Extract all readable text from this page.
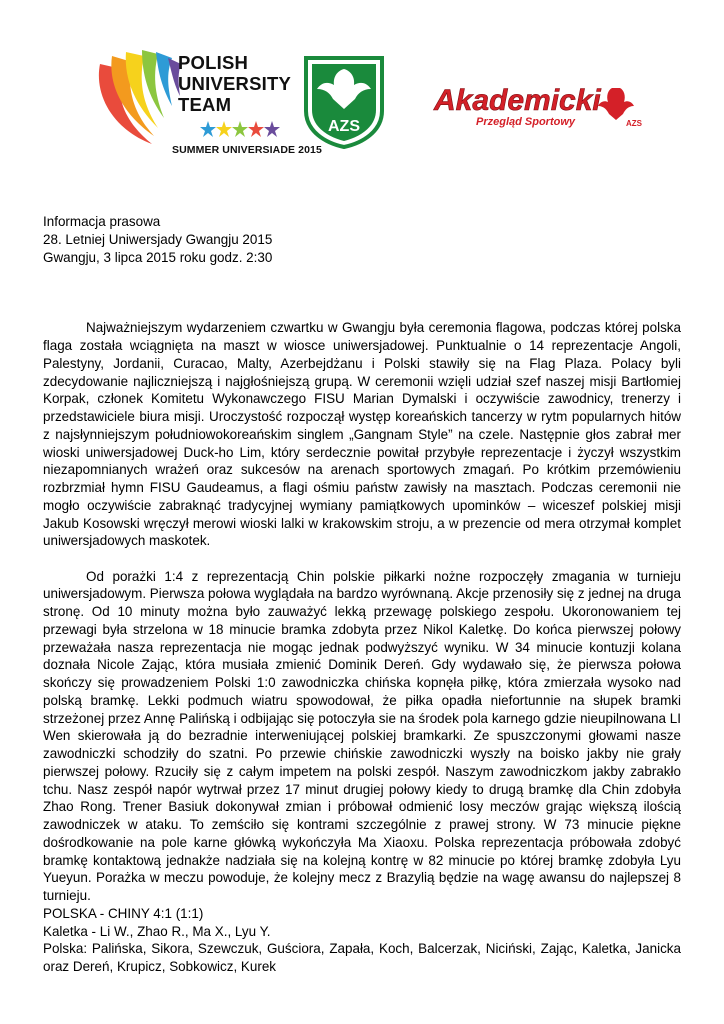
POLISH
UNIVERSITY
TEAM
SUMMER UNIVERSIADE 2015
AZS
Akademicki
Przegląd Sportowy	AZS
Informacja prasowa
28. Letniej Uniwersjady Gwangju 2015
Gwangju, 3 lipca 2015 roku godz. 2:30

Najważniejszym wydarzeniem czwartku w Gwangju była ceremonia flagowa, podczas której polska flaga została wciągnięta na maszt w wiosce uniwersjadowej. Punktualnie o 14 reprezentacje Angoli, Palestyny, Jordanii, Curacao, Malty, Azerbejdżanu i Polski stawiły się na Flag Plaza. Polacy byli zdecydowanie najliczniejszą i najgłośniejszą grupą. W ceremonii wzięli udział szef naszej misji Bartłomiej Korpak, członek Komitetu Wykonawczego FISU Marian Dymalski i oczywiście zawodnicy, trenerzy i przedstawiciele biura misji. Uroczystość rozpoczął występ koreańskich tancerzy w rytm popularnych hitów z najsłynniejszym południowokoreańskim singlem „Gangnam Style” na czele. Następnie głos zabrał mer wioski uniwersjadowej Duck-ho Lim, który serdecznie powitał przybyłe reprezentacje i życzył wszystkim niezapomnianych wrażeń oraz sukcesów na arenach sportowych zmagań. Po krótkim przemówieniu rozbrzmiał hymn FISU Gaudeamus, a flagi ośmiu państw zawisły na masztach. Podczas ceremonii nie mogło oczywiście zabraknąć tradycyjnej wymiany pamiątkowych upominków – wiceszef polskiej misji Jakub Kosowski wręczył merowi wioski lalki w krakowskim stroju, a w prezencie od mera otrzymał komplet uniwersjadowych maskotek.

Od porażki 1:4 z reprezentacją Chin polskie piłkarki nożne rozpoczęły zmagania w turnieju uniwersjadowym. Pierwsza połowa wyglądała na bardzo wyrównaną. Akcje przenosiły się z jednej na druga stronę. Od 10 minuty można było zauważyć lekką przewagę polskiego zespołu. Ukoronowaniem tej przewagi była strzelona w 18 minucie bramka zdobyta przez Nikol Kaletkę. Do końca pierwszej połowy przeważała nasza reprezentacja nie mogąc jednak podwyższyć wyniku. W 34 minucie kontuzji kolana doznała Nicole Zając, która musiała zmienić Dominik Dereń. Gdy wydawało się, że pierwsza połowa skończy się prowadzeniem Polski 1:0 zawodniczka chińska kopnęła piłkę, która zmierzała wysoko nad polską bramkę. Lekki podmuch wiatru spowodował, że piłka opadła niefortunnie na słupek bramki strzeżonej przez Annę Palińską i odbijając się potoczyła sie na środek pola karnego gdzie nieupilnowana LI Wen skierowała ją do bezradnie interweniującej polskiej bramkarki. Ze spuszczonymi głowami nasze zawodniczki schodziły do szatni. Po przewie chińskie zawodniczki wyszły na boisko jakby nie grały pierwszej połowy. Rzuciły się z całym impetem na polski zespół. Naszym zawodniczkom jakby zabrakło tchu. Nasz zespół napór wytrwał przez 17 minut drugiej połowy kiedy to drugą bramkę dla Chin zdobyła Zhao Rong. Trener Basiuk dokonywał zmian i próbował odmienić losy meczów grając większą ilością zawodniczek w ataku. To zemściło się kontrami szczególnie z prawej strony. W 73 minucie piękne dośrodkowanie na pole karne główką wykończyła Ma Xiaoxu. Polska reprezentacja próbowała zdobyć bramkę kontaktową jednakże nadziała się na kolejną kontrę w 82 minucie po której bramkę zdobyła Lyu Yueyun. Porażka w meczu powoduje, że kolejny mecz z Brazylią będzie na wagę awansu do najlepszej 8 turnieju.

POLSKA - CHINY 4:1 (1:1)
Kaletka - Li W., Zhao R., Ma X., Lyu Y.
Polska: Palińska, Sikora, Szewczuk, Guściora, Zapała, Koch, Balcerzak, Niciński, Zając, Kaletka, Janicka oraz Dereń, Krupicz, Sobkowicz, Kurek
